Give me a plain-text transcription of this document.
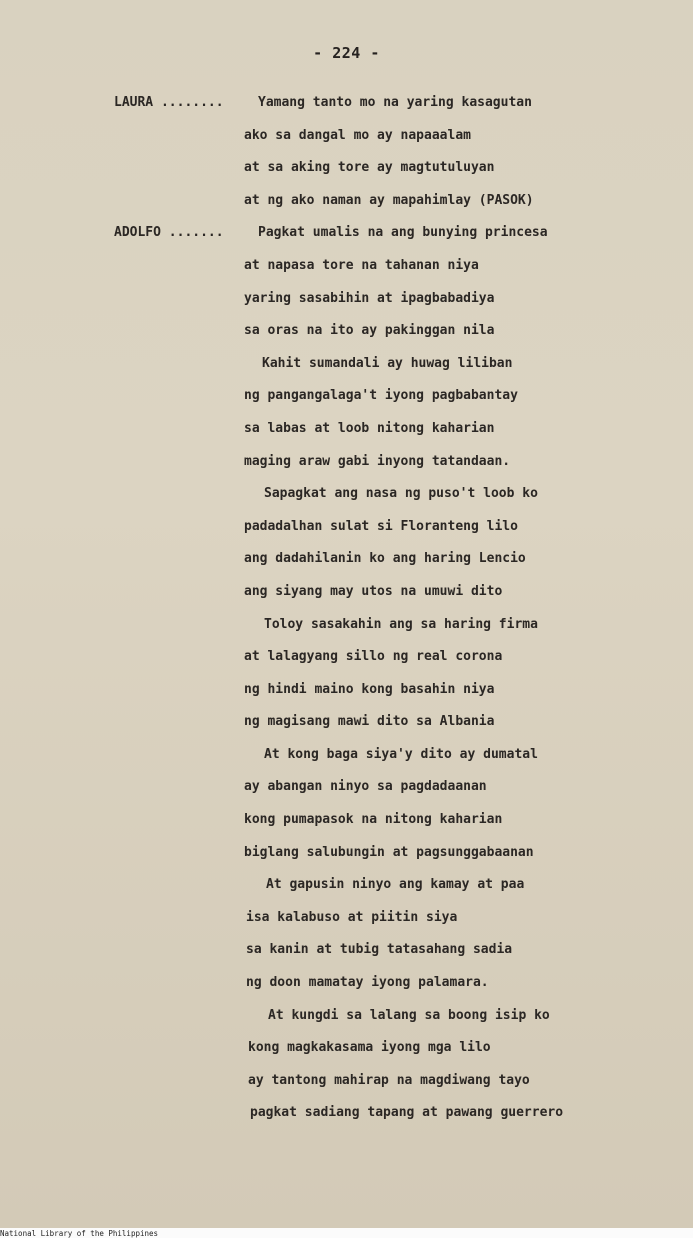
- 224 -
LAURA ........	Yamang tanto mo na yaring kasagutan
ako sa dangal mo ay napaaalam
at sa aking tore ay magtutuluyan
at ng ako naman ay mapahimlay (PASOK)
ADOLFO .......	Pagkat umalis na ang bunying princesa
at napasa tore na tahanan niya
yaring sasabihin at ipagbabadiya
sa oras na ito ay pakinggan nila
Kahit sumandali ay huwag liliban
ng pangangalaga't iyong pagbabantay
sa labas at loob nitong kaharian
maging araw gabi inyong tatandaan.
Sapagkat ang nasa ng puso't loob ko
padadalhan sulat si Floranteng lilo
ang dadahilanin ko ang haring Lencio
ang siyang may utos na umuwi dito
Toloy sasakahin ang sa haring firma
at lalagyang sillo ng real corona
ng hindi maino kong basahin niya
ng magisang mawi dito sa Albania
At kong baga siya'y dito ay dumatal
ay abangan ninyo sa pagdadaanan
kong pumapasok na nitong kaharian
biglang salubungin at pagsunggabaanan
At gapusin ninyo ang kamay at paa
isa kalabuso at piitin siya
sa kanin at tubig tatasahang sadia
ng doon mamatay iyong palamara.
At kungdi sa lalang sa boong isip ko
kong magkakasama iyong mga lilo
ay tantong mahirap na magdiwang tayo
pagkat sadiang tapang at pawang guerrero
National Library of the Philippines
